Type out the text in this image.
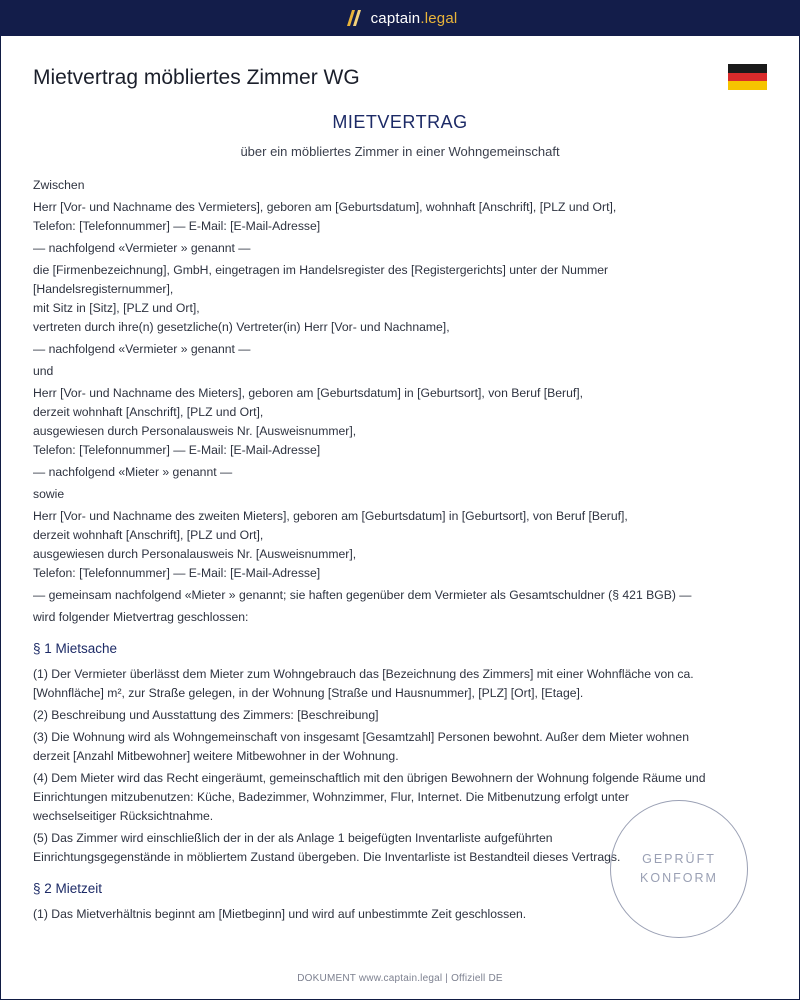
captain.legal
Mietvertrag möbliertes Zimmer WG
MIETVERTRAG
über ein möbliertes Zimmer in einer Wohngemeinschaft
Zwischen
Herr [Vor- und Nachname des Vermieters], geboren am [Geburtsdatum], wohnhaft [Anschrift], [PLZ und Ort],
Telefon: [Telefonnummer] — E-Mail: [E-Mail-Adresse]
— nachfolgend «Vermieter » genannt —
die [Firmenbezeichnung], GmbH, eingetragen im Handelsregister des [Registergerichts] unter der Nummer
[Handelsregisternummer],
mit Sitz in [Sitz], [PLZ und Ort],
vertreten durch ihre(n) gesetzliche(n) Vertreter(in) Herr [Vor- und Nachname],
— nachfolgend «Vermieter » genannt —
und
Herr [Vor- und Nachname des Mieters], geboren am [Geburtsdatum] in [Geburtsort], von Beruf [Beruf],
derzeit wohnhaft [Anschrift], [PLZ und Ort],
ausgewiesen durch Personalausweis Nr. [Ausweisnummer],
Telefon: [Telefonnummer] — E-Mail: [E-Mail-Adresse]
— nachfolgend «Mieter » genannt —
sowie
Herr [Vor- und Nachname des zweiten Mieters], geboren am [Geburtsdatum] in [Geburtsort], von Beruf [Beruf],
derzeit wohnhaft [Anschrift], [PLZ und Ort],
ausgewiesen durch Personalausweis Nr. [Ausweisnummer],
Telefon: [Telefonnummer] — E-Mail: [E-Mail-Adresse]
— gemeinsam nachfolgend «Mieter » genannt; sie haften gegenüber dem Vermieter als Gesamtschuldner (§ 421 BGB) —
wird folgender Mietvertrag geschlossen:
§ 1 Mietsache
(1) Der Vermieter überlässt dem Mieter zum Wohngebrauch das [Bezeichnung des Zimmers] mit einer Wohnfläche von ca.
[Wohnfläche] m², zur Straße gelegen, in der Wohnung [Straße und Hausnummer], [PLZ] [Ort], [Etage].
(2) Beschreibung und Ausstattung des Zimmers: [Beschreibung]
(3) Die Wohnung wird als Wohngemeinschaft von insgesamt [Gesamtzahl] Personen bewohnt. Außer dem Mieter wohnen
derzeit [Anzahl Mitbewohner] weitere Mitbewohner in der Wohnung.
(4) Dem Mieter wird das Recht eingeräumt, gemeinschaftlich mit den übrigen Bewohnern der Wohnung folgende Räume und
Einrichtungen mitzubenutzen: Küche, Badezimmer, Wohnzimmer, Flur, Internet. Die Mitbenutzung erfolgt unter
wechselseitiger Rücksichtnahme.
(5) Das Zimmer wird einschließlich der in der als Anlage 1 beigefügten Inventarliste aufgeführten
Einrichtungsgegenstände in möbliertem Zustand übergeben. Die Inventarliste ist Bestandteil dieses Vertrags.
§ 2 Mietzeit
(1) Das Mietverhältnis beginnt am [Mietbeginn] und wird auf unbestimmte Zeit geschlossen.
GEPRÜFT
KONFORM
DOKUMENT www.captain.legal | Offiziell DE
